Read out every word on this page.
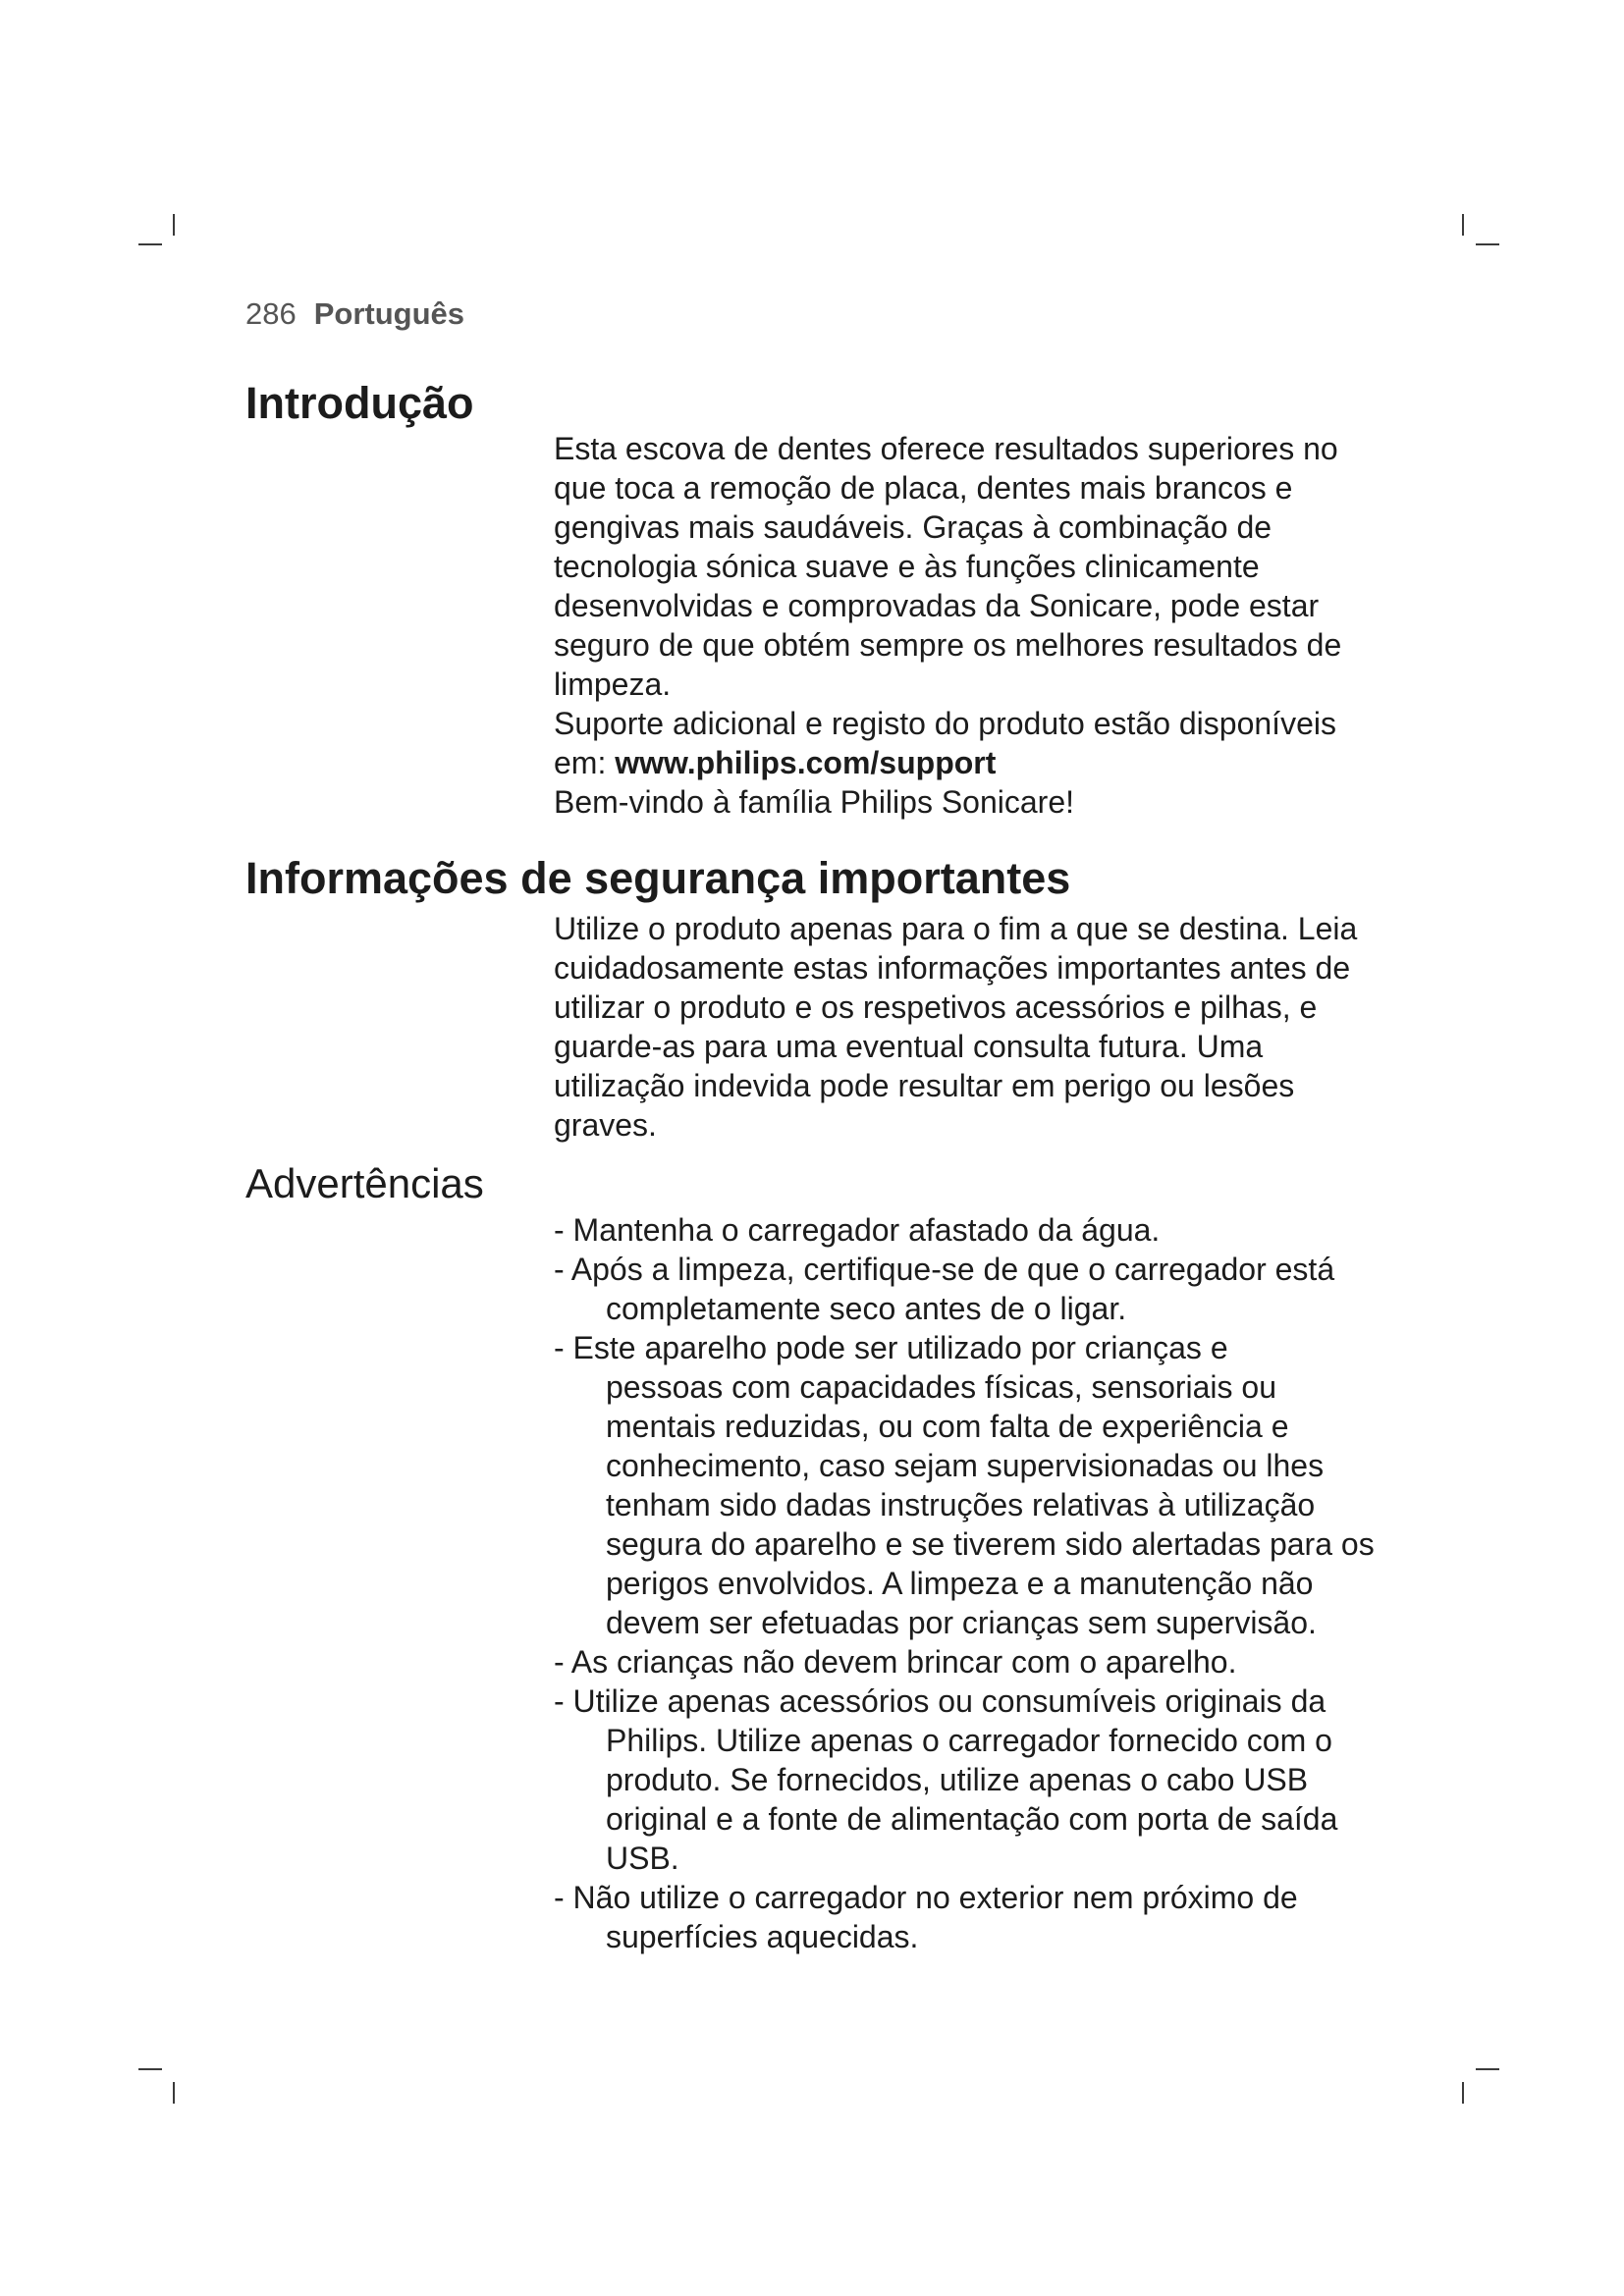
286 Português
Introdução
Esta escova de dentes oferece resultados superiores no
que toca a remoção de placa, dentes mais brancos e
gengivas mais saudáveis. Graças à combinação de
tecnologia sónica suave e às funções clinicamente
desenvolvidas e comprovadas da Sonicare, pode estar
seguro de que obtém sempre os melhores resultados de
limpeza.
Suporte adicional e registo do produto estão disponíveis
em: www.philips.com/support
Bem-vindo à família Philips Sonicare!
Informações de segurança importantes
Utilize o produto apenas para o fim a que se destina. Leia
cuidadosamente estas informações importantes antes de
utilizar o produto e os respetivos acessórios e pilhas, e
guarde-as para uma eventual consulta futura. Uma
utilização indevida pode resultar em perigo ou lesões
graves.
Advertências
- Mantenha o carregador afastado da água.
- Após a limpeza, certifique-se de que o carregador está
completamente seco antes de o ligar.
- Este aparelho pode ser utilizado por crianças e
pessoas com capacidades físicas, sensoriais ou
mentais reduzidas, ou com falta de experiência e
conhecimento, caso sejam supervisionadas ou lhes
tenham sido dadas instruções relativas à utilização
segura do aparelho e se tiverem sido alertadas para os
perigos envolvidos. A limpeza e a manutenção não
devem ser efetuadas por crianças sem supervisão.
- As crianças não devem brincar com o aparelho.
- Utilize apenas acessórios ou consumíveis originais da
Philips. Utilize apenas o carregador fornecido com o
produto. Se fornecidos, utilize apenas o cabo USB
original e a fonte de alimentação com porta de saída
USB.
- Não utilize o carregador no exterior nem próximo de
superfícies aquecidas.
